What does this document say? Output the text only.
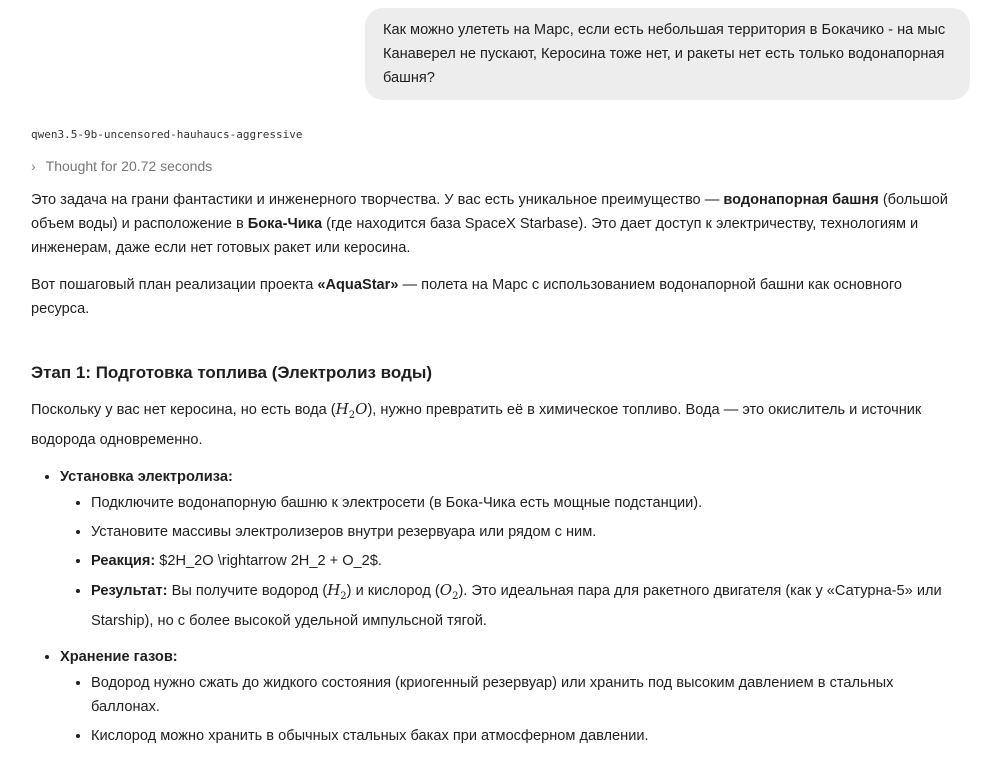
Как можно улететь на Марс, если есть небольшая территория в Бокачико - на мыс Канаверел не пускают, Керосина тоже нет, и ракеты нет есть только водонапорная башня?
qwen3.5-9b-uncensored-hauhaucs-aggressive
› Thought for 20.72 seconds

Это задача на грани фантастики и инженерного творчества. У вас есть уникальное преимущество — водонапорная башня (большой объем воды) и расположение в Бока-Чика (где находится база SpaceX Starbase). Это дает доступ к электричеству, технологиям и инженерам, даже если нет готовых ракет или керосина.

Вот пошаговый план реализации проекта «AquaStar» — полета на Марс с использованием водонапорной башни как основного ресурса.

Этап 1: Подготовка топлива (Электролиз воды)

Поскольку у вас нет керосина, но есть вода $(H_2O)$, нужно превратить её в химическое топливо. Вода — это окислитель и источник водорода одновременно.

• Установка электролиза:
• Подключите водонапорную башню к электросети (в Бока-Чика есть мощные подстанции).
• Установите массивы электролизеров внутри резервуара или рядом с ним.
• Реакция: $2H_2O \rightarrow 2H_2 + O_2$.
• Результат: Вы получите водород $(H_2)$ и кислород $(O_2)$. Это идеальная пара для ракетного двигателя (как у «Сатурна-5» или Starship), но с более высокой удельной импульсной тягой.
• Хранение газов:
• Водород нужно сжать до жидкого состояния (криогенный резервуар) или хранить под высоким давлением в стальных баллонах.
• Кислород можно хранить в обычных стальных баках при атмосферном давлении.
